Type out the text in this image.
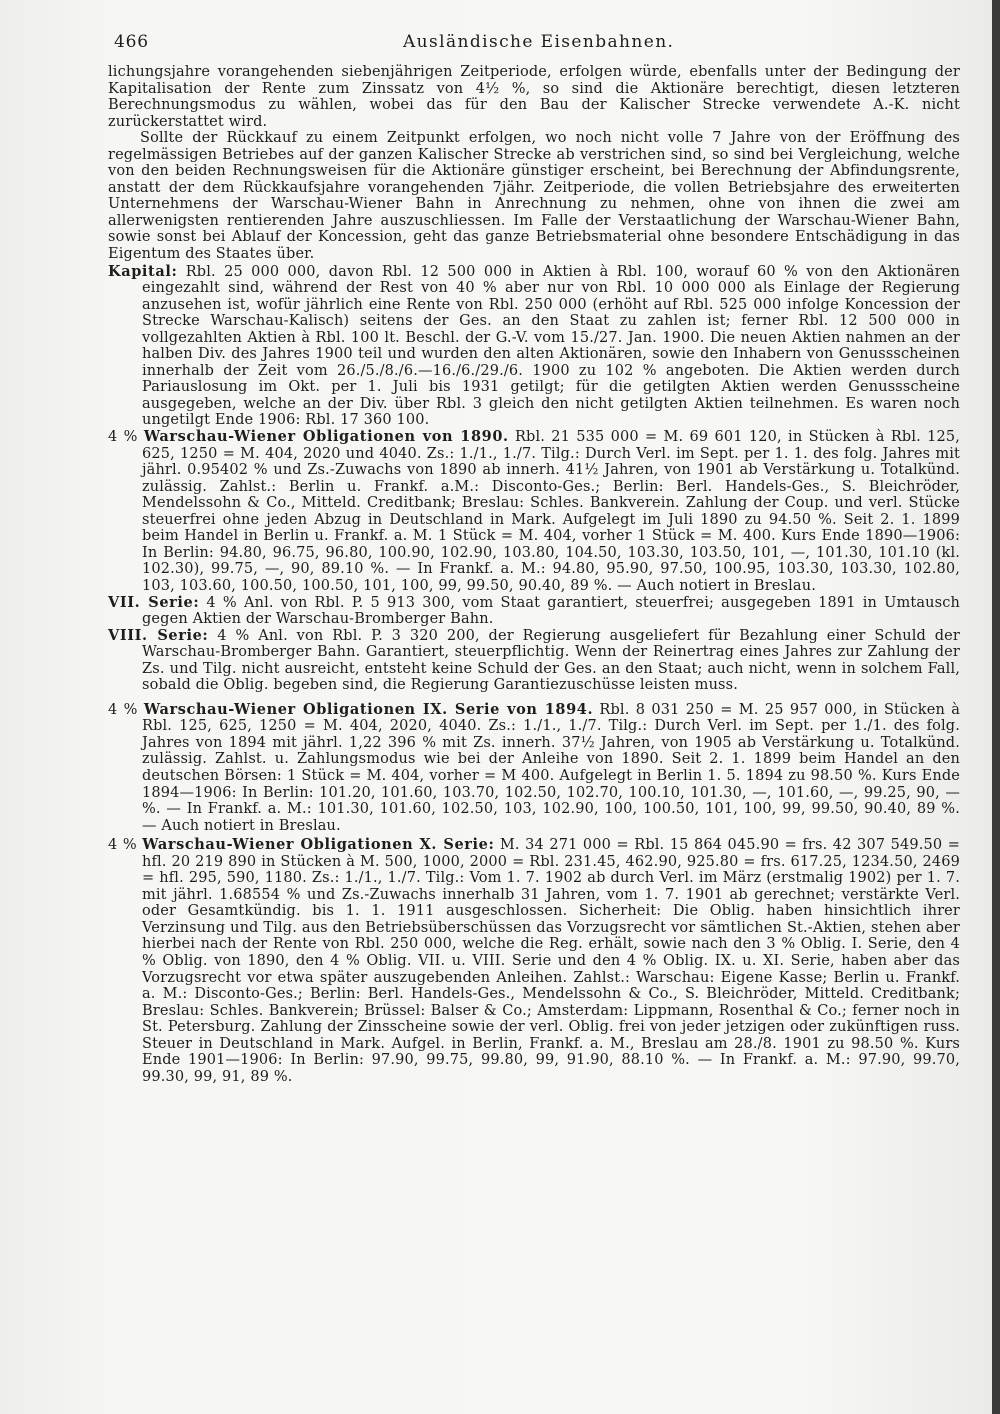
466	Ausländische Eisenbahnen.

lichungsjahre vorangehenden siebenjährigen Zeitperiode, erfolgen würde, ebenfalls unter der Bedingung der Kapitalisation der Rente zum Zinssatz von 4½ %, so sind die Aktionäre berechtigt, diesen letzteren Berechnungsmodus zu wählen, wobei das für den Bau der Kalischer Strecke verwendete A.-K. nicht zurückerstattet wird.

Sollte der Rückkauf zu einem Zeitpunkt erfolgen, wo noch nicht volle 7 Jahre von der Eröffnung des regelmässigen Betriebes auf der ganzen Kalischer Strecke ab verstrichen sind, so sind bei Vergleichung, welche von den beiden Rechnungsweisen für die Aktionäre günstiger erscheint, bei Berechnung der Abfindungsrente, anstatt der dem Rückkaufsjahre vorangehenden 7jähr. Zeitperiode, die vollen Betriebsjahre des erweiterten Unternehmens der Warschau-Wiener Bahn in Anrechnung zu nehmen, ohne von ihnen die zwei am allerwenigsten rentierenden Jahre auszuschliessen. Im Falle der Verstaatlichung der Warschau-Wiener Bahn, sowie sonst bei Ablauf der Koncession, geht das ganze Betriebsmaterial ohne besondere Entschädigung in das Eigentum des Staates über.

Kapital: Rbl. 25 000 000, davon Rbl. 12 500 000 in Aktien à Rbl. 100, worauf 60 % von den Aktionären eingezahlt sind, während der Rest von 40 % aber nur von Rbl. 10 000 000 als Einlage der Regierung anzusehen ist, wofür jährlich eine Rente von Rbl. 250 000 (erhöht auf Rbl. 525 000 infolge Koncession der Strecke Warschau-Kalisch) seitens der Ges. an den Staat zu zahlen ist; ferner Rbl. 12 500 000 in vollgezahlten Aktien à Rbl. 100 lt. Beschl. der G.-V. vom 15./27. Jan. 1900. Die neuen Aktien nahmen an der halben Div. des Jahres 1900 teil und wurden den alten Aktionären, sowie den Inhabern von Genussscheinen innerhalb der Zeit vom 26./5./8./6.—16./6./29./6. 1900 zu 102 % angeboten. Die Aktien werden durch Pariauslosung im Okt. per 1. Juli bis 1931 getilgt; für die getilgten Aktien werden Genussscheine ausgegeben, welche an der Div. über Rbl. 3 gleich den nicht getilgten Aktien teilnehmen. Es waren noch ungetilgt Ende 1906: Rbl. 17 360 100.

4 % Warschau-Wiener Obligationen von 1890. Rbl. 21 535 000 = M. 69 601 120, in Stücken à Rbl. 125, 625, 1250 = M. 404, 2020 und 4040. Zs.: 1./1., 1./7. Tilg.: Durch Verl. im Sept. per 1. 1. des folg. Jahres mit jährl. 0.95402 % und Zs.-Zuwachs von 1890 ab innerh. 41½ Jahren, von 1901 ab Verstärkung u. Totalkünd. zulässig. Zahlst.: Berlin u. Frankf. a.M.: Disconto-Ges.; Berlin: Berl. Handels-Ges., S. Bleichröder, Mendelssohn & Co., Mitteld. Creditbank; Breslau: Schles. Bankverein. Zahlung der Coup. und verl. Stücke steuerfrei ohne jeden Abzug in Deutschland in Mark. Aufgelegt im Juli 1890 zu 94.50 %. Seit 2. 1. 1899 beim Handel in Berlin u. Frankf. a. M. 1 Stück = M. 404, vorher 1 Stück = M. 400. Kurs Ende 1890—1906: In Berlin: 94.80, 96.75, 96.80, 100.90, 102.90, 103.80, 104.50, 103.30, 103.50, 101, —, 101.30, 101.10 (kl. 102.30), 99.75, —, 90, 89.10 %. — In Frankf. a. M.: 94.80, 95.90, 97.50, 100.95, 103.30, 103.30, 102.80, 103, 103.60, 100.50, 100.50, 101, 100, 99, 99.50, 90.40, 89 %. — Auch notiert in Breslau.

VII. Serie: 4 % Anl. von Rbl. P. 5 913 300, vom Staat garantiert, steuerfrei; ausgegeben 1891 in Umtausch gegen Aktien der Warschau-Bromberger Bahn.

VIII. Serie: 4 % Anl. von Rbl. P. 3 320 200, der Regierung ausgeliefert für Bezahlung einer Schuld der Warschau-Bromberger Bahn. Garantiert, steuerpflichtig. Wenn der Reinertrag eines Jahres zur Zahlung der Zs. und Tilg. nicht ausreicht, entsteht keine Schuld der Ges. an den Staat; auch nicht, wenn in solchem Fall, sobald die Oblig. begeben sind, die Regierung Garantiezuschüsse leisten muss.

4 % Warschau-Wiener Obligationen IX. Serie von 1894. Rbl. 8 031 250 = M. 25 957 000, in Stücken à Rbl. 125, 625, 1250 = M. 404, 2020, 4040. Zs.: 1./1., 1./7. Tilg.: Durch Verl. im Sept. per 1./1. des folg. Jahres von 1894 mit jährl. 1,22 396 % mit Zs. innerh. 37½ Jahren, von 1905 ab Verstärkung u. Totalkünd. zulässig. Zahlst. u. Zahlungsmodus wie bei der Anleihe von 1890. Seit 2. 1. 1899 beim Handel an den deutschen Börsen: 1 Stück = M. 404, vorher = M 400. Aufgelegt in Berlin 1. 5. 1894 zu 98.50 %. Kurs Ende 1894—1906: In Berlin: 101.20, 101.60, 103.70, 102.50, 102.70, 100.10, 101.30, —, 101.60, —, 99.25, 90, — %. — In Frankf. a. M.: 101.30, 101.60, 102.50, 103, 102.90, 100, 100.50, 101, 100, 99, 99.50, 90.40, 89 %. — Auch notiert in Breslau.

4 % Warschau-Wiener Obligationen X. Serie: M. 34 271 000 = Rbl. 15 864 045.90 = frs. 42 307 549.50 = hfl. 20 219 890 in Stücken à M. 500, 1000, 2000 = Rbl. 231.45, 462.90, 925.80 = frs. 617.25, 1234.50, 2469 = hfl. 295, 590, 1180. Zs.: 1./1., 1./7. Tilg.: Vom 1. 7. 1902 ab durch Verl. im März (erstmalig 1902) per 1. 7. mit jährl. 1.68554 % und Zs.-Zuwachs innerhalb 31 Jahren, vom 1. 7. 1901 ab gerechnet; verstärkte Verl. oder Gesamtkündig. bis 1. 1. 1911 ausgeschlossen. Sicherheit: Die Oblig. haben hinsichtlich ihrer Verzinsung und Tilg. aus den Betriebsüberschüssen das Vorzugsrecht vor sämtlichen St.-Aktien, stehen aber hierbei nach der Rente von Rbl. 250 000, welche die Reg. erhält, sowie nach den 3 % Oblig. I. Serie, den 4 % Oblig. von 1890, den 4 % Oblig. VII. u. VIII. Serie und den 4 % Oblig. IX. u. XI. Serie, haben aber das Vorzugsrecht vor etwa später auszugebenden Anleihen. Zahlst.: Warschau: Eigene Kasse; Berlin u. Frankf. a. M.: Disconto-Ges.; Berlin: Berl. Handels-Ges., Mendelssohn & Co., S. Bleichröder, Mitteld. Creditbank; Breslau: Schles. Bankverein; Brüssel: Balser & Co.; Amsterdam: Lippmann, Rosenthal & Co.; ferner noch in St. Petersburg. Zahlung der Zinsscheine sowie der verl. Oblig. frei von jeder jetzigen oder zukünftigen russ. Steuer in Deutschland in Mark. Aufgel. in Berlin, Frankf. a. M., Breslau am 28./8. 1901 zu 98.50 %. Kurs Ende 1901—1906: In Berlin: 97.90, 99.75, 99.80, 99, 91.90, 88.10 %. — In Frankf. a. M.: 97.90, 99.70, 99.30, 99, 91, 89 %.
